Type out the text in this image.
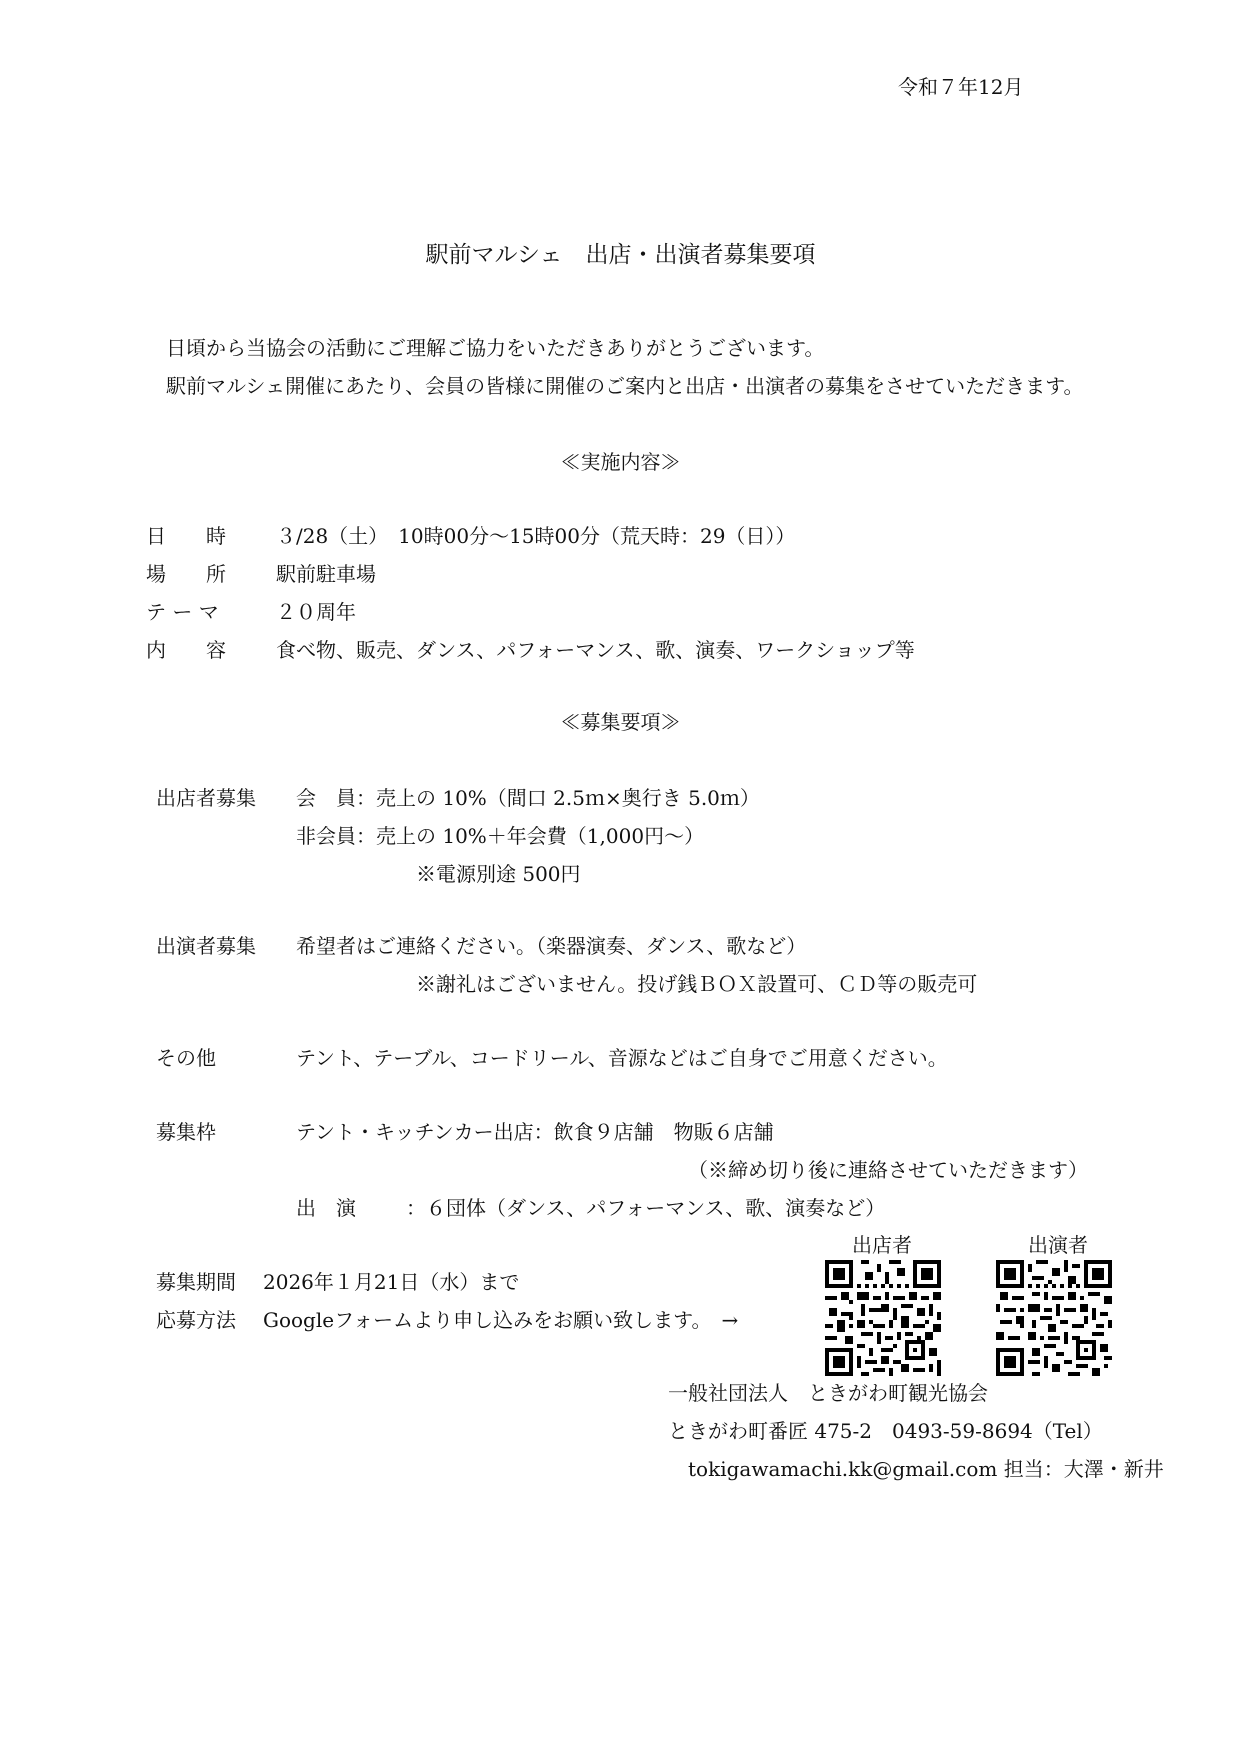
令和７年12月
駅前マルシェ　出店・出演者募集要項
日頃から当協会の活動にご理解ご協力をいただきありがとうございます。
駅前マルシェ開催にあたり、会員の皆様に開催のご案内と出店・出演者の募集をさせていただきます。
≪実施内容≫
日　　時	３/28（土）　10時00分～15時00分（荒天時：29（日））
場　　所	駅前駐車場
テ ー マ	２０周年
内　　容	食べ物、販売、ダンス、パフォーマンス、歌、演奏、ワークショップ等
≪募集要項≫
出店者募集 会　員：売上の 10%（間口 2.5ｍ×奥行き 5.0ｍ）
非会員：売上の 10%＋年会費（1,000円～）
※電源別途 500円
出演者募集 希望者はご連絡ください。（楽器演奏、ダンス、歌など）
※謝礼はございません。投げ銭ＢＯＸ設置可、ＣＤ等の販売可
その他	テント、テーブル、コードリール、音源などはご自身でご用意ください。
募集枠	テント・キッチンカー出店：飲食９店舗　物販６店舗
（※締め切り後に連絡させていただきます）
出　演	：６団体（ダンス、パフォーマンス、歌、演奏など）
募集期間 2026年１月21日（水）まで
応募方法 Googleフォームより申し込みをお願い致します。　→
出店者	出演者
一般社団法人　ときがわ町観光協会
ときがわ町番匠 475-2　0493-59-8694（Tel）
tokigawamachi.kk@gmail.com 担当：大澤・新井
